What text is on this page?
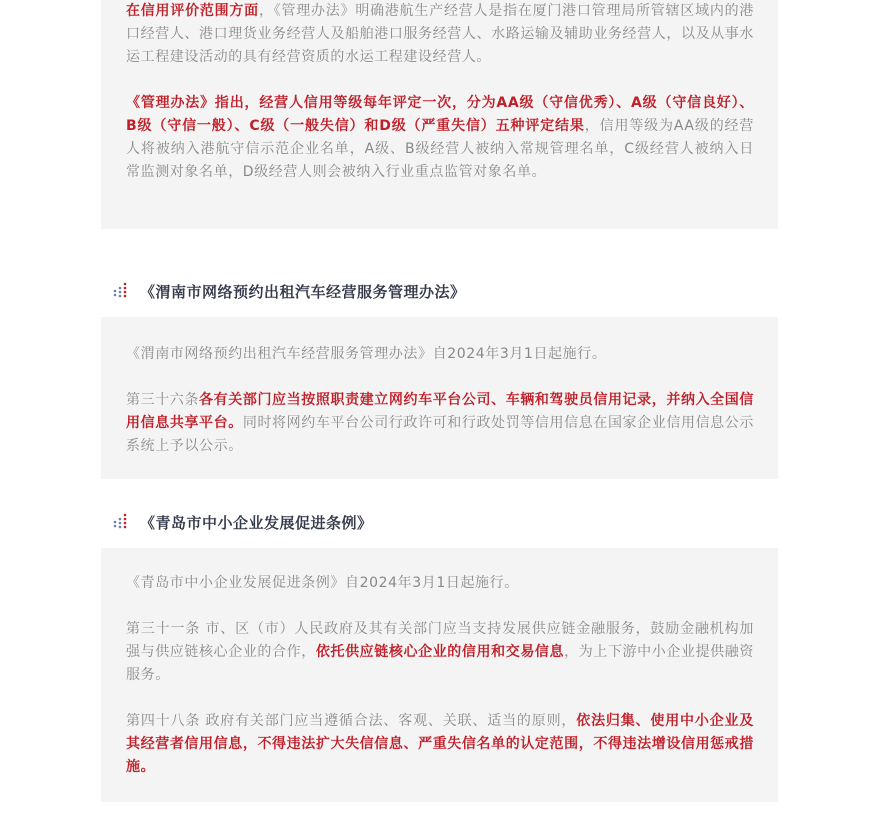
在信用评价范围方面，《管理办法》明确港航生产经营人是指在厦门港口管理局所管辖区域内的港口经营人、港口理货业务经营人及船舶港口服务经营人、水路运输及辅助业务经营人，以及从事水运工程建设活动的具有经营资质的水运工程建设经营人。

《管理办法》指出，经营人信用等级每年评定一次，分为AA级（守信优秀）、A级（守信良好）、B级（守信一般）、C级（一般失信）和D级（严重失信）五种评定结果，信用等级为AA级的经营人将被纳入港航守信示范企业名单，A级、B级经营人被纳入常规管理名单，C级经营人被纳入日常监测对象名单，D级经营人则会被纳入行业重点监管对象名单。

《渭南市网络预约出租汽车经营服务管理办法》

《渭南市网络预约出租汽车经营服务管理办法》自2024年3月1日起施行。

第三十六条各有关部门应当按照职责建立网约车平台公司、车辆和驾驶员信用记录，并纳入全国信用信息共享平台。同时将网约车平台公司行政许可和行政处罚等信用信息在国家企业信用信息公示系统上予以公示。

《青岛市中小企业发展促进条例》

《青岛市中小企业发展促进条例》自2024年3月1日起施行。

第三十一条 市、区（市）人民政府及其有关部门应当支持发展供应链金融服务，鼓励金融机构加强与供应链核心企业的合作，依托供应链核心企业的信用和交易信息，为上下游中小企业提供融资服务。

第四十八条 政府有关部门应当遵循合法、客观、关联、适当的原则，依法归集、使用中小企业及其经营者信用信息，不得违法扩大失信信息、严重失信名单的认定范围，不得违法增设信用惩戒措施。
